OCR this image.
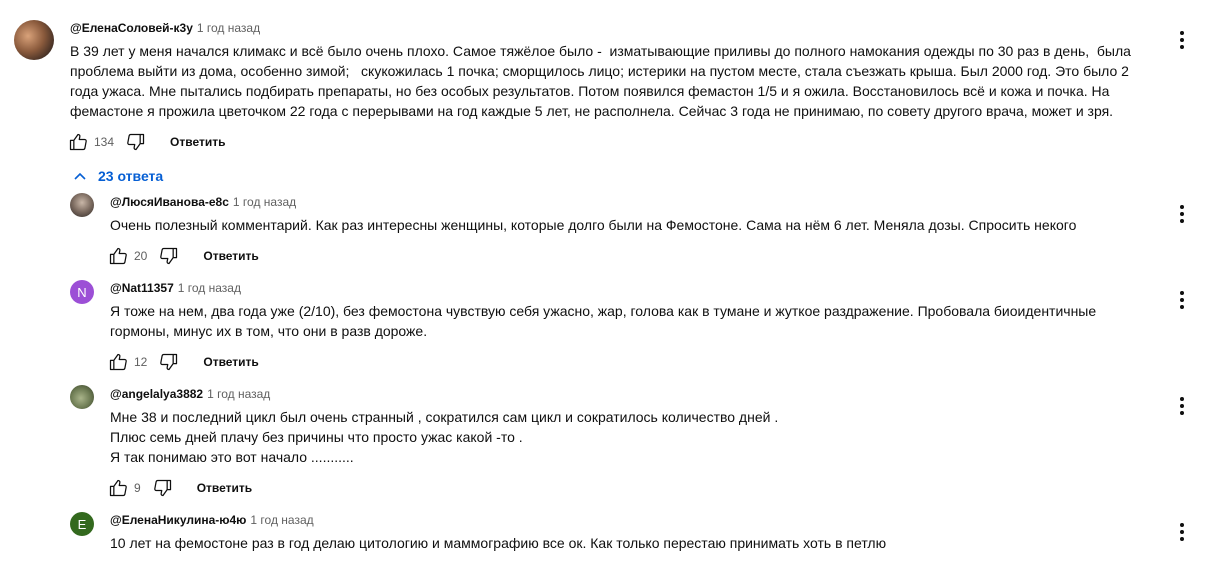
@ЕленаСоловей-к3у 1 год назад
В 39 лет у меня начался климакс и всё было очень плохо. Самое тяжёлое было -  изматывающие приливы до полного намокания одежды по 30 раз в день,  была проблема выйти из дома, особенно зимой;   скукожилась 1 почка; сморщилось лицо; истерики на пустом месте, стала съезжать крыша. Был 2000 год. Это было 2 года ужаса. Мне пытались подбирать препараты, но без особых результатов. Потом появился фемастон 1/5 и я ожила. Восстановилось всё и кожа и почка. На фемастоне я прожила цветочком 22 года с перерывами на год каждые 5 лет, не располнела. Сейчас 3 года не принимаю, по совету другого врача, может и зря.
134	Ответить
23 ответа
@ЛюсяИванова-е8с 1 год назад
Очень полезный комментарий. Как раз интересны женщины, которые долго были на Фемостоне. Сама на нём 6 лет. Меняла дозы. Спросить некого
20	Ответить
N @Nat11357 1 год назад
Я тоже на нем, два года уже (2/10), без фемостона чувствую себя ужасно, жар, голова как в тумане и жуткое раздражение. Пробовала биоидентичные гормоны, минус их в том, что они в разв дороже.
12	Ответить
@angelalya3882 1 год назад
Мне 38 и последний цикл был очень странный , сократился сам цикл и сократилось количество дней .
Плюс семь дней плачу без причины что просто ужас какой -то .
Я так понимаю это вот начало ...........
9	Ответить
Е @ЕленаНикулина-ю4ю 1 год назад
10 лет на фемостоне раз в год делаю цитологию и маммографию все ок. Как только перестаю принимать хоть в петлю
